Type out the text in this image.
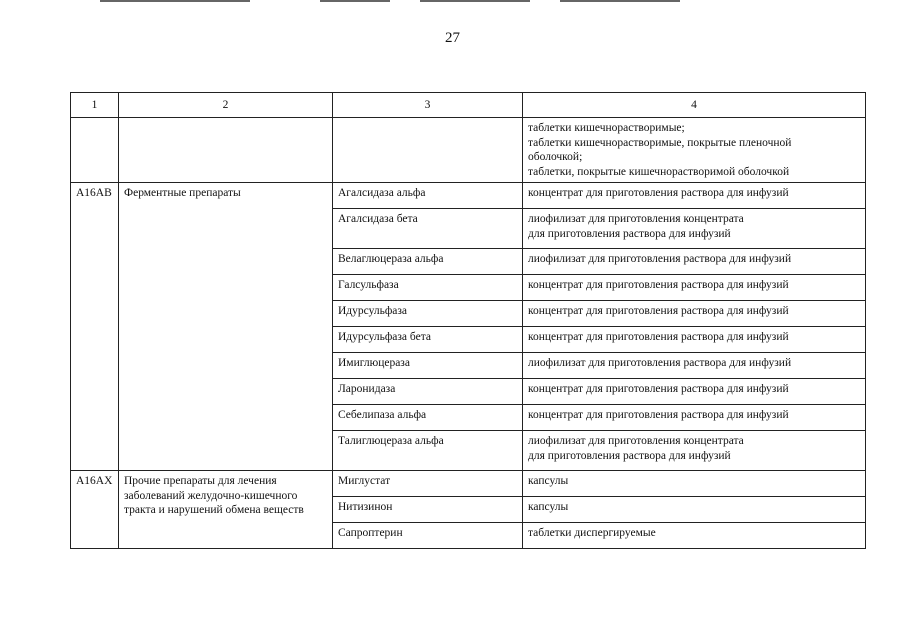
27
1	2	3	4

			таблетки кишечнорастворимые;
таблетки кишечнорастворимые, покрытые пленочной
оболочкой;
таблетки, покрытые кишечнорастворимой оболочкой

A16AB	Ферментные препараты	Агалсидаза альфа	концентрат для приготовления раствора для инфузий

		Агалсидаза бета	лиофилизат для приготовления концентрата
для приготовления раствора для инфузий

		Велаглюцераза альфа	лиофилизат для приготовления раствора для инфузий

		Галсульфаза	концентрат для приготовления раствора для инфузий

		Идурсульфаза	концентрат для приготовления раствора для инфузий

		Идурсульфаза бета	концентрат для приготовления раствора для инфузий

		Имиглюцераза	лиофилизат для приготовления раствора для инфузий

		Ларонидаза	концентрат для приготовления раствора для инфузий

		Себелипаза альфа	концентрат для приготовления раствора для инфузий

		Талиглюцераза альфа	лиофилизат для приготовления концентрата
для приготовления раствора для инфузий

A16AX	Прочие препараты для лечения
заболеваний желудочно-кишечного
тракта и нарушений обмена веществ	Миглустат	капсулы

		Нитизинон	капсулы

		Сапроптерин	таблетки диспергируемые
